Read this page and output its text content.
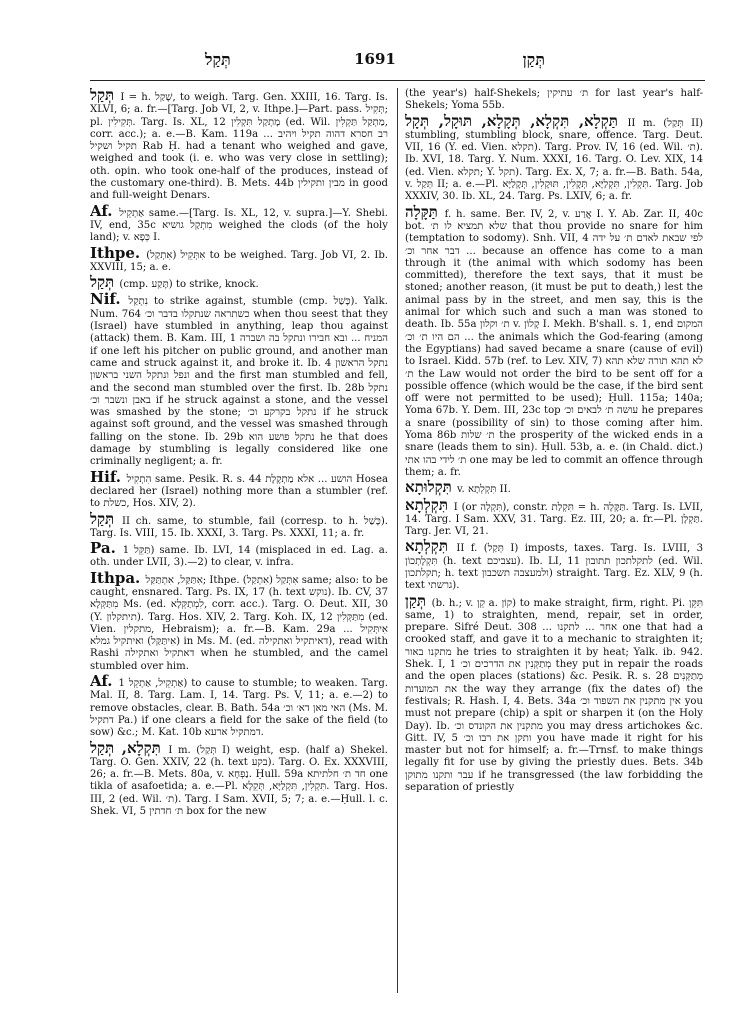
תְּקַל	1691	תְּקַן

תְּקַל I = h. שָׁקַל, to weigh. Targ. Gen. XXIII, 16. Targ. Is. XLVI, 6; a. fr.—[Targ. Job VI, 2, v. Ithpe.]—Part. pass. תְּקִיל; pl. תְּקִילִין. Targ. Is. XL, 12 מָתְקַל תִּקְלִין (ed. Wil. מַתְקַל תַּקְלִין, corr. acc.); a. e.—B. Kam. 119a ... רב חסרא דהוה תקיל ויהיב תקיל ושקיל Rab Ḥ. had a tenant who weighed and gave, weighed and took (i. e. who was very close in settling); oth. opin. who took one-half of the produces, instead of the customary one-third). B. Mets. 44b מבין ותקילין in good and full-weight Denars.

Af. אַתְקֵיל same.—[Targ. Is. XL, 12, v. supra.]—Y. Shebi. IV, end, 35c מִתְקַל גושיא weighed the clods (of the holy land); v. כְּפָא I.

Ithpe. אִתְּקֵיל (אִתְקַל) to be weighed. Targ. Job VI, 2. Ib. XXVIII, 15; a. e.

תְּקַל (cmp. תָּקַע) to strike, knock.

Nif. נִתְקַל to strike against, stumble (cmp. כָּשַׁל). Yalk. Num. 764 כשתראה שנתקלו בדבר וכ׳ when thou seest that they (Israel) have stumbled in anything, leap thou against (attack) them. B. Kam. III, 1 המניח ... ובא חבירו ונתקל בה ושברה if one left his pitcher on public ground, and another man came and struck against it, and broke it. Ib. 4 נתקל הראשון ונפל ונתקל השני בראשון and the first man stumbled and fell, and the second man stumbled over the first. Ib. 28b נתקל באבן ונשבר וכ׳ if he struck against a stone, and the vessel was smashed by the stone; נתקל בקרקע וכ׳ if he struck against soft ground, and the vessel was smashed through falling on the stone. Ib. 29b נתקל פושע הוא he that does damage by stumbling is legally considered like one criminally negligent; a. fr.

Hif. הִתְקִיל same. Pesik. R. s. 44 הושע ... אלא מַתְקֶלֶת Hosea declared her (Israel) nothing more than a stumbler (ref. to כשלת, Hos. XIV, 2).

תְּקַל II ch. same, to stumble, fail (corresp. to h. כָּשַׁל). Targ. Is. VIII, 15. Ib. XXXI, 3. Targ. Ps. XXXI, 11; a. fr.

Pa. תַּקֵּל 1) same. Ib. LVI, 14 (misplaced in ed. Lag. a. oth. under LVII, 3).—2) to clear, v. infra.

Ithpa. אִתַּקַּל, אִתְתַּקַּל; Ithpe. אִתְּקַל (אִתְקַל) same; also: to be caught, ensnared. Targ. Ps. IX, 17 (h. text נוקש). Ib. CV, 37 מִתַּקְּלָא Ms. (ed. לִמְתַקְּלָא, corr. acc.). Targ. O. Deut. XII, 30 (Y. תיתקלון). Targ. Hos. XIV, 2. Targ. Koh. IX, 12 מִתַּקְּלִין (ed. Vien. מתקלין, Hebraism); a. fr.—B. Kam. 29a ... אִיתְּקִיל (אִיתַּקַּל) ואיתקיל גמלא in Ms. M. (ed. דאיתקיל ואתקילה), read with Rashi דאתקיל ואתקילה when he stumbled, and the camel stumbled over him.

Af. אַתְקֵיל, אַתְקֵל 1) to cause to stumble; to weaken. Targ. Mal. II, 8. Targ. Lam. I, 14. Targ. Ps. V, 11; a. e.—2) to remove obstacles, clear. B. Bath. 54a האי מאן דא׳ וכ׳ (Ms. M. דתקיל Pa.) if one clears a field for the sake of the field (to sow) &c.; M. Kat. 10b דמתקיל ארעא.

תִּקְלָא, תְּקַל I m. (תְּקַל I) weight, esp. (half a) Shekel. Targ. O. Gen. XXIV, 22 (h. text בקע). Targ. O. Ex. XXXVIII, 26; a. fr.—B. Mets. 80a, v. נַפְחָא. Ḥull. 59a חד ת׳ חלתיתא one tikla of asafoetida; a. e.—Pl. תִּקְלִין, תִּקְלַיָּא, תְּקֵלָא. Targ. Hos. III, 2 (ed. Wil. ת׳). Targ. I Sam. XVII, 5; 7; a. e.—Ḥull. l. c. Shek. VI, 5 ת׳ חדתין box for the new

(the year's) half-Shekels; ת׳ עתיקין for last year's half-Shekels; Yoma 55b.

תַּקְלָא, תִּקְלָא, תְּקָלָא, תּוּקָל, תְּקָל II m. (תְּקַל II) stumbling, stumbling block, snare, offence. Targ. Deut. VII, 16 (Y. ed. Vien. תקלא). Targ. Prov. IV, 16 (ed. Wil. ת׳). Ib. XVI, 18. Targ. Y. Num. XXXI, 16. Targ. O. Lev. XIX, 14 (ed. Vien. תקלא; Y. תקל). Targ. Ex. X, 7; a. fr.—B. Bath. 54a, v. תְּקַל II; a. e.—Pl. תִּקְלִין, תִּקְלַיָּא, תְּקָלִין, תּוּקָלִין, תְּקָלַיָּא. Targ. Job XXXIV, 30. Ib. XL, 24. Targ. Ps. LXIV, 6; a. fr.

תַּקָּלָה f. h. same. Ber. IV, 2, v. אֲרַע I. Y. Ab. Zar. II, 40c bot. שלא תמציא לו ת׳ that thou provide no snare for him (temptation to sodomy). Snh. VII, 4 לפי שבאת לאדם ת׳ על ידה ... דבר אחר וכ׳ because an offence has come to a man through it (the animal with which sodomy has been committed), therefore the text says, that it must be stoned; another reason, (it must be put to death,) lest the animal pass by in the street, and men say, this is the animal for which such and such a man was stoned to death. Ib. 55a ת׳ וקלון v. קָלוֹן I. Mekh. B'shall. s. 1, end המקום ... הם היו ת׳ וכ׳ the animals which the God-fearing (among the Egyptians) had saved became a snare (cause of evil) to Israel. Kidd. 57b (ref. to Lev. XIV, 7) לא תהא תורה שלא תהא ת׳ the Law would not order the bird to be sent off for a possible offence (which would be the case, if the bird sent off were not permitted to be used); Ḥull. 115a; 140a; Yoma 67b. Y. Dem. III, 23c top עושה ת׳ לבאים וכ׳ he prepares a snare (possibility of sin) to those coming after him. Yoma 86b ת׳ שלות the prosperity of the wicked ends in a snare (leads them to sin). Ḥull. 53b, a. e. (in Chald. dict.) ת׳ לידי בהו אתי one may be led to commit an offence through them; a. fr.

תִּקְלוּתָא v. תִּקְלְתָא II.

תִּקְלְתָא I (or תִּקְלָה), constr. תִּקְלַת = h. תַּקָּלָה. Targ. Is. LVII, 14. Targ. I Sam. XXV, 31. Targ. Ez. III, 20; a. fr.—Pl. תַּקְלָן. Targ. Jer. VI, 21.

תִּקְלְתָא II f. (תְּקַל I) imposts, taxes. Targ. Is. LVIII, 3 תִּקְלָתְכוֹן (h. text עצביכם). Ib. LI, 11 לתקלתכון תתובון (ed. Wil. תקלתכון; h. text ולמעצבה תשכבון) straight. Targ. Ez. XLV, 9 (h. text גרשתי).

תְּקַן (b. h.; v. קֵן a. קוֹן) to make straight, firm, right. Pi. תִּקֵּן same, 1) to straighten, mend, repair, set in order, prepare. Sifré Deut. 308 ... אחר ... לתקנו one that had a crooked staff, and gave it to a mechanic to straighten it; מתקנו באור he tries to straighten it by heat; Yalk. ib. 942. Shek. I, 1 מְתַקְּנִין את הדרכים וכ׳ they put in repair the roads and the open places (stations) &c. Pesik. R. s. 28 מְתַקְּנִים את המועדות the way they arrange (fix the dates of) the festivals; R. Hash. I, 4. Bets. 34a אין מתקנין את השפוד וכ׳ you must not prepare (chip) a spit or sharpen it (on the Holy Day). Ib. מתקנין את הקונדס וכ׳ you may dress artichokes &c. Gitt. IV, 5 ותקן את רבו וכ׳ you have made it right for his master but not for himself; a. fr.—Trnsf. to make things legally fit for use by giving the priestly dues. Bets. 34b עבר ותקנו מתוקן if he transgressed (the law forbidding the separation of priestly
